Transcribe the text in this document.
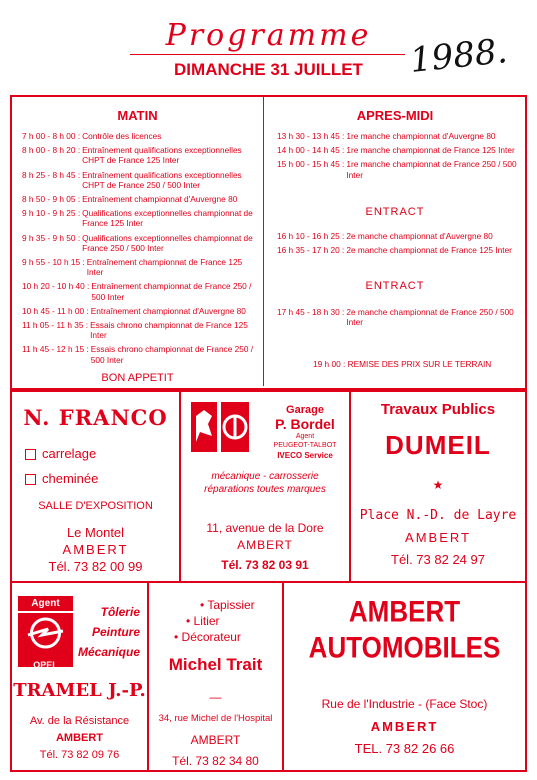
Programme
DIMANCHE 31 JUILLET	1988.
MATIN
7 h 00 - 8 h 00 : Contrôle des licences
8 h 00 - 8 h 20 : Entraînement qualifications exceptionnelles CHPT de France 125 Inter
8 h 25 - 8 h 45 : Entraînement qualifications exceptionnelles CHPT de France 250 / 500 Inter
8 h 50 - 9 h 05 : Entraînement championnat d'Auvergne 80
9 h 10 - 9 h 25 : Qualifications exceptionnelles championnat de France 125 Inter
9 h 35 - 9 h 50 : Qualifications exceptionnelles championnat de France 250 / 500 Inter
9 h 55 - 10 h 15 : Entraînement championnat de France 125 Inter
10 h 20 - 10 h 40 : Entraînement championnat de France 250 / 500 Inter
10 h 45 - 11 h 00 : Entraînement championnat d'Auvergne 80
11 h 05 - 11 h 35 : Essais chrono championnat de France 125 Inter
11 h 45 - 12 h 15 : Essais chrono championnat de France 250 / 500 Inter
BON APPETIT
APRES-MIDI
13 h 30 - 13 h 45 : 1re manche championnat d'Auvergne 80
14 h 00 - 14 h 45 : 1re manche championnat de France 125 Inter
15 h 00 - 15 h 45 : 1re manche championnat de France 250 / 500 Inter
ENTRACT
16 h 10 - 16 h 25 : 2e manche championnat d'Auvergne 80
16 h 35 - 17 h 20 : 2e manche championnat de France 125 Inter
ENTRACT
17 h 45 - 18 h 30 : 2e manche championnat de France 250 / 500 Inter
19 h 00 : REMISE DES PRIX SUR LE TERRAIN
N. FRANCO
carrelage
cheminée
SALLE D'EXPOSITION
Le Montel
AMBERT
Tél. 73 82 00 99
Garage
P. Bordel
Agent
PEUGEOT-TALBOT
IVECO Service
mécanique - carrosserie
réparations toutes marques
11, avenue de la Dore
AMBERT
Tél. 73 82 03 91
Travaux Publics
DUMEIL
★
Place N.-D. de Layre
AMBERT
Tél. 73 82 24 97
Agent
OPEL
Tôlerie
Peinture
Mécanique
TRAMEL J.-P.
Av. de la Résistance
AMBERT
Tél. 73 82 09 76
• Tapissier
• Litier
• Décorateur
Michel Trait
—
34, rue Michel de l'Hospital
AMBERT
Tél. 73 82 34 80
AMBERT
AUTOMOBILES
Rue de l'Industrie - (Face Stoc)
AMBERT
TEL. 73 82 26 66
